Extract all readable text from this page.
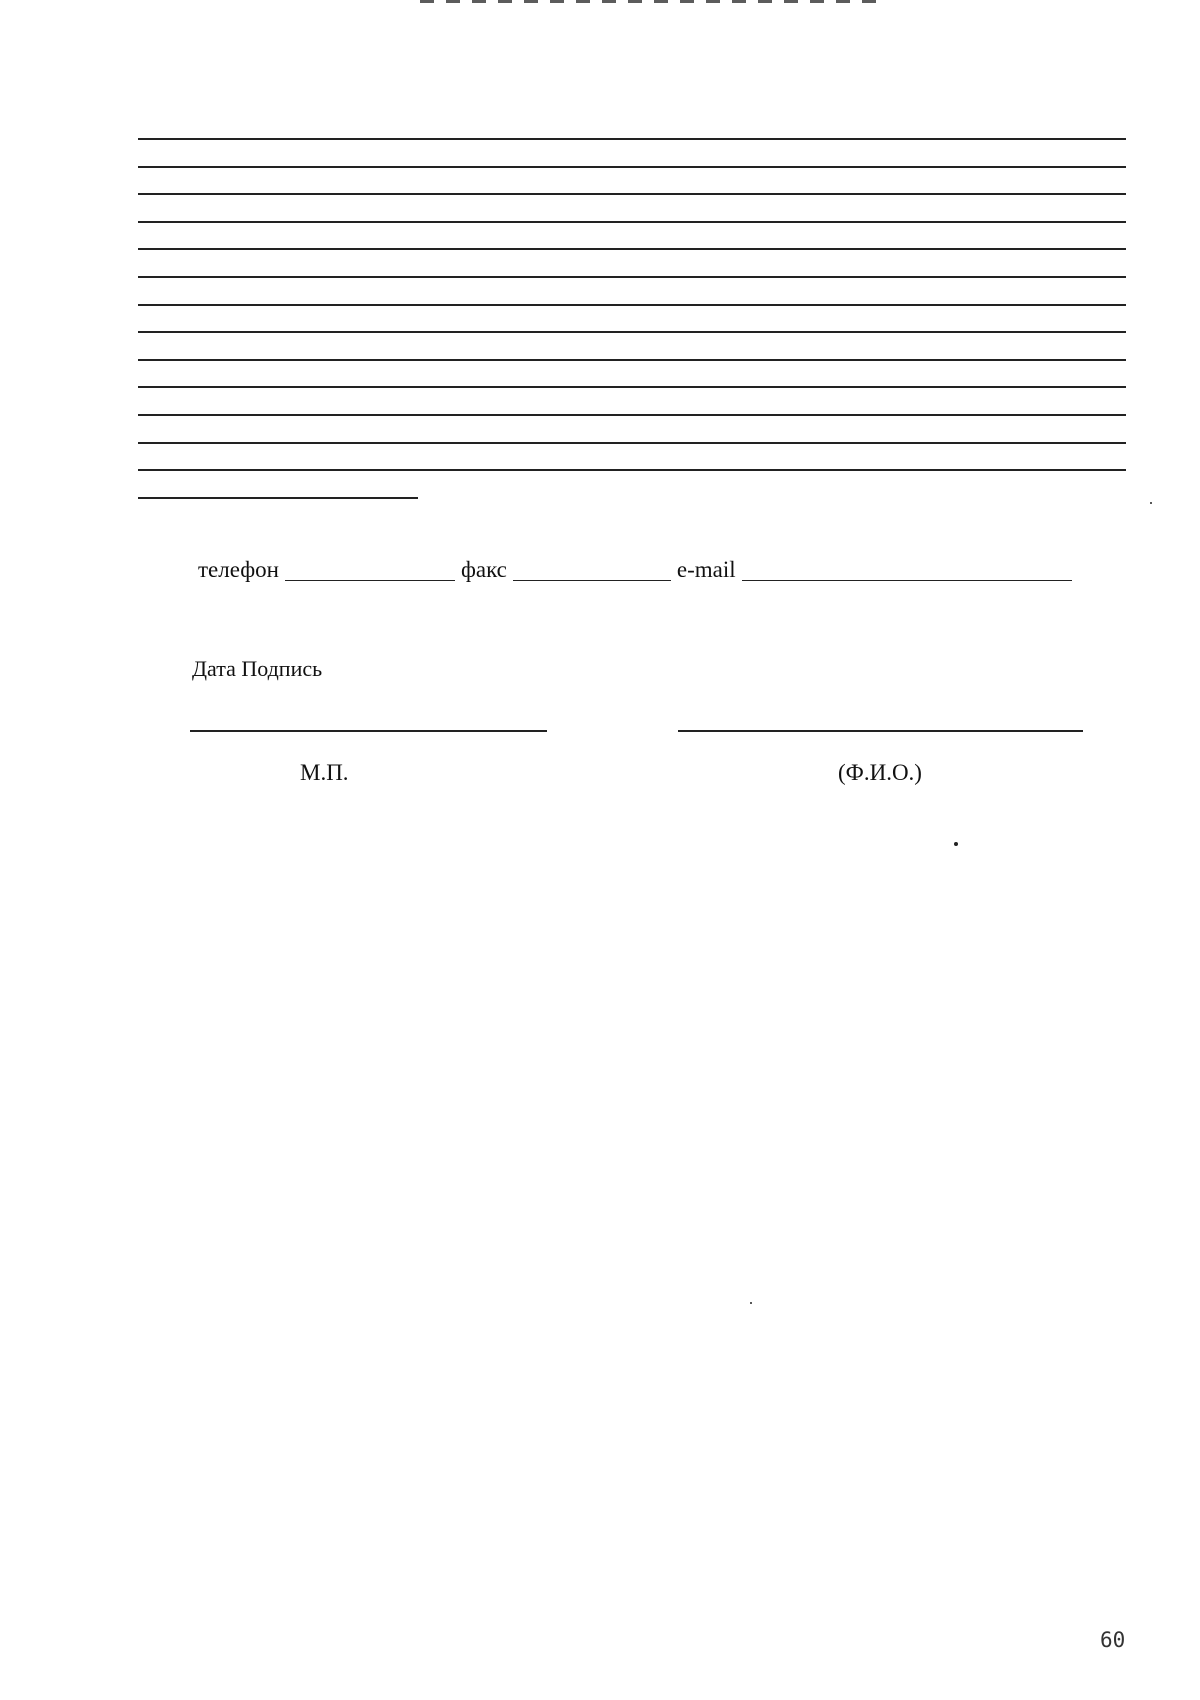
телефон	факс	e-mail
Дата Подпись
М.П.	(Ф.И.О.)
60
